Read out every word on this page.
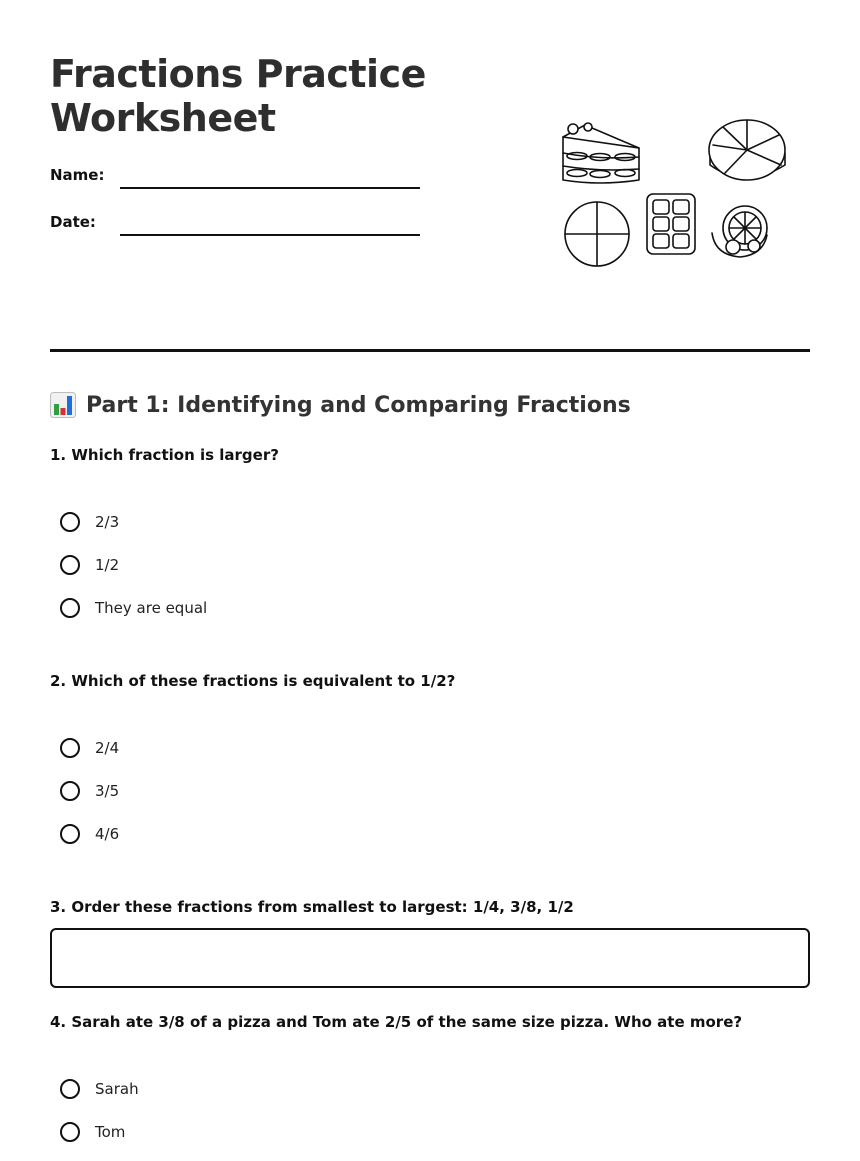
Fractions Practice Worksheet
Name:
Date:
Part 1: Identifying and Comparing Fractions
1. Which fraction is larger?
2/3
1/2
They are equal
2. Which of these fractions is equivalent to 1/2?
2/4
3/5
4/6
3. Order these fractions from smallest to largest: 1/4, 3/8, 1/2
4. Sarah ate 3/8 of a pizza and Tom ate 2/5 of the same size pizza. Who ate more?
Sarah
Tom
